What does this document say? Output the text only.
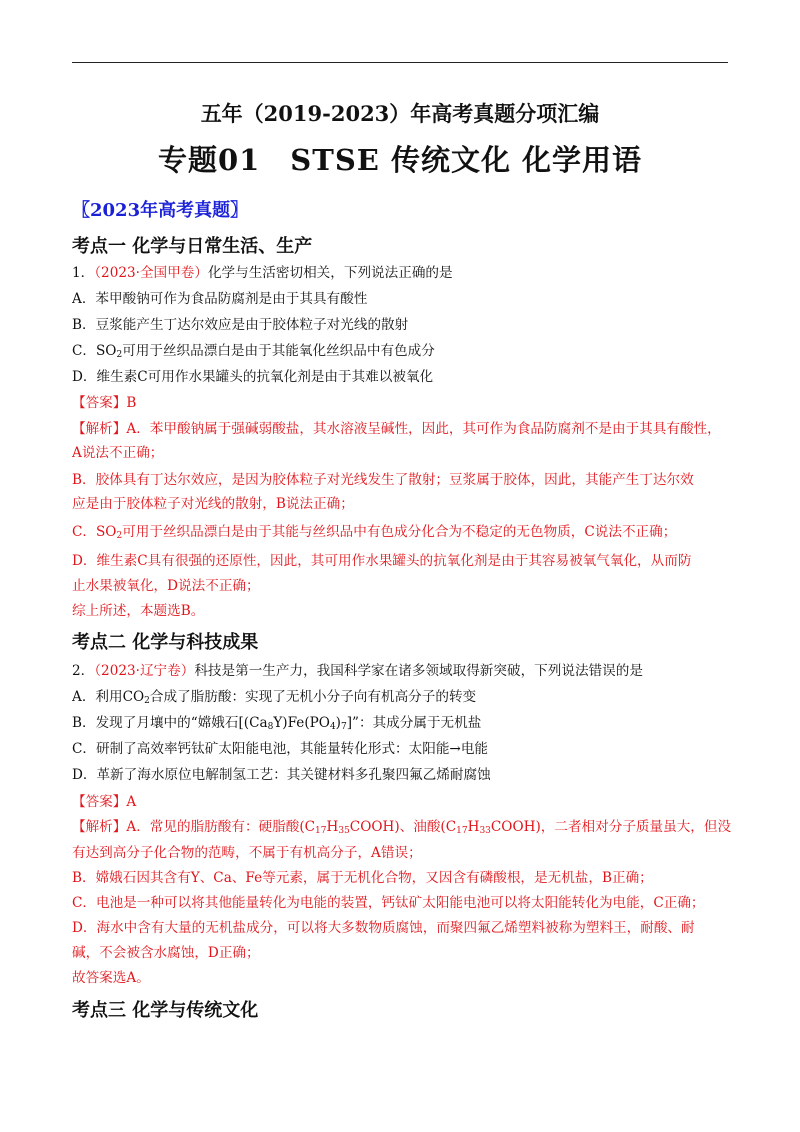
五年（2019-2023）年高考真题分项汇编
专题01　STSE 传统文化 化学用语
〖2023年高考真题〗
考点一 化学与日常生活、生产
1．（2023·全国甲卷）化学与生活密切相关，下列说法正确的是
A．苯甲酸钠可作为食品防腐剂是由于其具有酸性
B．豆浆能产生丁达尔效应是由于胶体粒子对光线的散射
C．$SO_2$可用于丝织品漂白是由于其能氧化丝织品中有色成分
D．维生素C可用作水果罐头的抗氧化剂是由于其难以被氧化
【答案】B
【解析】A．苯甲酸钠属于强碱弱酸盐，其水溶液呈碱性，因此，其可作为食品防腐剂不是由于其具有酸性，
A说法不正确；
B．胶体具有丁达尔效应，是因为胶体粒子对光线发生了散射；豆浆属于胶体，因此，其能产生丁达尔效
应是由于胶体粒子对光线的散射，B说法正确；
C．$SO_2$可用于丝织品漂白是由于其能与丝织品中有色成分化合为不稳定的无色物质，C说法不正确；
D．维生素C具有很强的还原性，因此，其可用作水果罐头的抗氧化剂是由于其容易被氧气氧化，从而防
止水果被氧化，D说法不正确；
综上所述，本题选B。
考点二 化学与科技成果
2．（2023·辽宁卷）科技是第一生产力，我国科学家在诸多领域取得新突破，下列说法错误的是
A．利用$CO_2$合成了脂肪酸：实现了无机小分子向有机高分子的转变
B．发现了月壤中的“嫦娥石$[(Ca_8Y)Fe(PO_4)_7]$”：其成分属于无机盐
C．研制了高效率钙钛矿太阳能电池，其能量转化形式：太阳能→电能
D．革新了海水原位电解制氢工艺：其关键材料多孔聚四氟乙烯耐腐蚀
【答案】A
【解析】A．常见的脂肪酸有：硬脂酸$(C_{17}H_{35}COOH)$、油酸$(C_{17}H_{33}COOH)$，二者相对分子质量虽大，但没
有达到高分子化合物的范畴，不属于有机高分子，A错误；
B．嫦娥石因其含有Y、Ca、Fe等元素，属于无机化合物，又因含有磷酸根，是无机盐，B正确；
C．电池是一种可以将其他能量转化为电能的装置，钙钛矿太阳能电池可以将太阳能转化为电能，C正确；
D．海水中含有大量的无机盐成分，可以将大多数物质腐蚀，而聚四氟乙烯塑料被称为塑料王，耐酸、耐
碱，不会被含水腐蚀，D正确；
故答案选A。
考点三 化学与传统文化
